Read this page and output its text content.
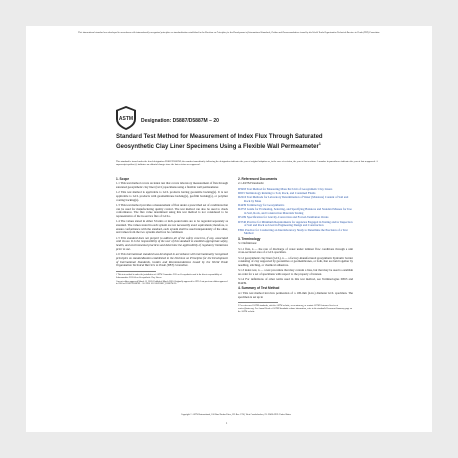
This international standard was developed in accordance with internationally recognized principles on standardization established in the Decision on Principles for the Development of International Standards, Guides and Recommendations issued by the World Trade Organization Technical Barriers to Trade (TBT) Committee.
ASTM Designation: D5887/D5887M − 20
Standard Test Method for Measurement of Index Flux Through Saturated Geosynthetic Clay Liner Specimens Using a Flexible Wall Permeameter$^1$
This standard is issued under the fixed designation D5887/D5887M; the number immediately following the designation indicates the year of original adoption or, in the case of revision, the year of last revision. A number in parentheses indicates the year of last reapproval. A superscript epsilon (ε) indicates an editorial change since the last revision or reapproval.
1. Scope

1.1 This test method covers an index test that covers laboratory measurement of flux through saturated geosynthetic clay liner (GCL) specimens using a flexible wall permeameter.

1.2 This test method is applicable to GCL products having geotextile backing(s). It is not applicable to GCL products with geomembrane backing(s), geofilm backing(s), or polymer coating backing(s).

1.3 This test method provides a measurement of flux under a prescribed set of conditions that can be used for manufacturing quality control. The test method can also be used to check conformance. The flux value determined using this test method is not considered to be representative of the in-service flux of GCLs.

1.4 The values stated in either SI units or inch-pound units are to be regarded separately as standard. The values stated in each system are not necessarily exact equivalents; therefore, to ensure conformance with the standard, each system shall be used independently of the other, and values from the two systems shall not be combined.

1.5 This standard does not purport to address all of the safety concerns, if any, associated with its use. It is the responsibility of the user of this standard to establish appropriate safety, health, and environmental practices and determine the applicability of regulatory limitations prior to use.

1.6 This international standard was developed in accordance with internationally recognized principles on standardization established in the Decision on Principles for the Development of International Standards, Guides and Recommendations issued by the World Trade Organization Technical Barriers to Trade (TBT) Committee.

1 This test method is under the jurisdiction of ASTM Committee D35 on Geosynthetics and is the direct responsibility of Subcommittee D35.04 on Geosynthetic Clay Liners.

Current edition approved March 15, 2020. Published March 2020. Originally approved in 1995. Last previous edition approved in 2016 as D5887/D5887M − 16. DOI: 10.1520/D5887_D5887M-20.

2. Referenced Documents

2.1 ASTM Standards:

D5993 Test Method for Measuring Mass Per Unit of Geosynthetic Clay Liners

D653 Terminology Relating to Soil, Rock, and Contained Fluids

D2216 Test Methods for Laboratory Determination of Water (Moisture) Content of Soil and Rock by Mass

D4439 Terminology for Geosynthetics

D4753 Guide for Evaluating, Selecting, and Specifying Balances and Standard Masses for Use in Soil, Rock, and Construction Materials Testing

D5199 Specification for Gravity-Convection and Forced-Ventilation Ovens

D3740 Practice for Minimum Requirements for Agencies Engaged in Testing and/or Inspection of Soil and Rock as Used in Engineering Design and Construction

E691 Practice for Conducting an Interlaboratory Study to Determine the Precision of a Test Method

3. Terminology

3.1 Definitions:

3.1.1 flux, n — the rate of discharge of water under laminar flow conditions through a unit cross-sectional area of a GCL specimen.

3.1.2 geosynthetic clay liner (GCL), n — a factory-manufactured geosynthetic hydraulic barrier consisting of clay supported by geotextiles or geomembranes, or both, that are held together by needling, stitching, or chemical adhesives.

3.1.3 index test, n — a test procedure that may contain a bias, but that may be used to establish an order for a set of specimens with respect to the property of interest.

3.1.4 For definitions of other terms used in this test method, see Terminologies D653 and D4439.

4. Summary of Test Method

4.1 This test method involves permeation of a 100-mm (4-in.) diameter GCL specimen. The specimen is set up in

2 For referenced ASTM standards, visit the ASTM website, www.astm.org, or contact ASTM Customer Service at service@astm.org. For Annual Book of ASTM Standards volume information, refer to the standard's Document Summary page on the ASTM website.

Copyright © ASTM International, 100 Barr Harbor Drive, PO Box C700, West Conshohocken, PA 19428-2959. United States
1
